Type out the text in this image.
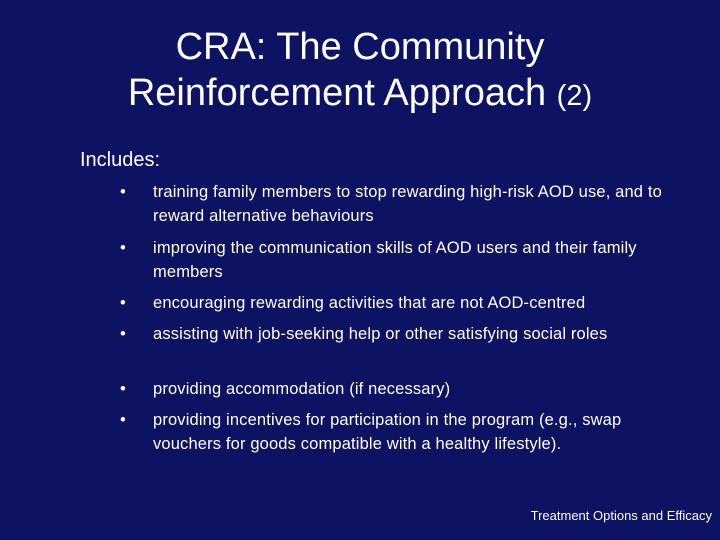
CRA: The Community
Reinforcement Approach (2)
Includes:
•	training family members to stop rewarding high-risk AOD use, and to reward alternative behaviours
•	improving the communication skills of AOD users and their family members
•	encouraging rewarding activities that are not AOD-centred
•	assisting with job-seeking help or other satisfying social roles
•	providing accommodation (if necessary)
•	providing incentives for participation in the program (e.g., swap vouchers for goods compatible with a healthy lifestyle).
Treatment Options and Efficacy
